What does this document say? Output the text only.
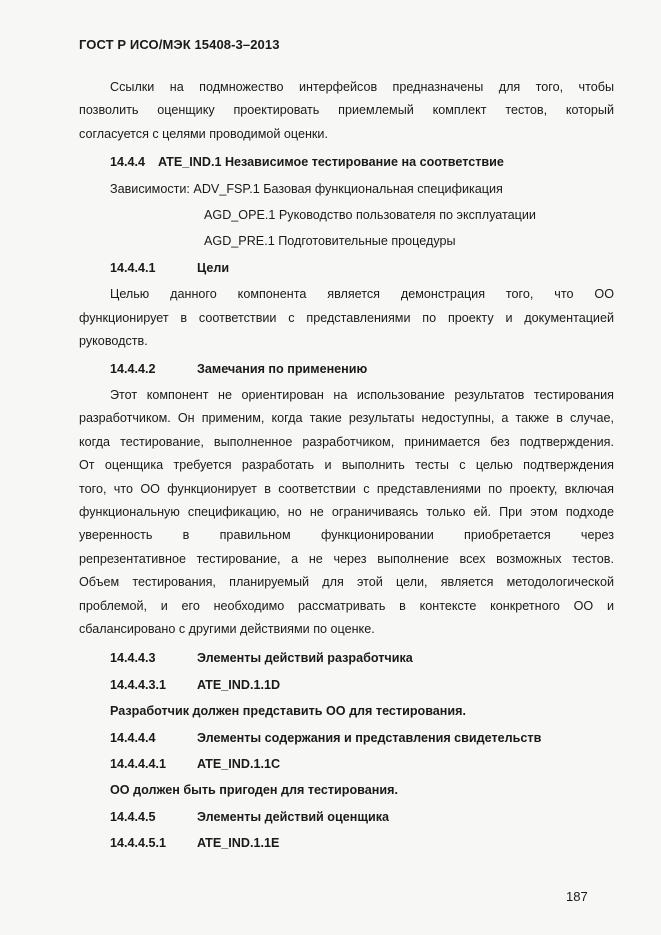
ГОСТ Р ИСО/МЭК 15408-3–2013
Ссылки на подмножество интерфейсов предназначены для того, чтобы
позволить оценщику проектировать приемлемый комплект тестов, который
согласуется с целями проводимой оценки.
14.4.4	ATE_IND.1 Независимое тестирование на соответствие
Зависимости: ADV_FSP.1 Базовая функциональная спецификация
AGD_OPE.1 Руководство пользователя по эксплуатации
AGD_PRE.1 Подготовительные процедуры
14.4.4.1	Цели
Целью данного компонента является демонстрация того, что ОО
функционирует в соответствии с представлениями по проекту и документацией
руководств.
14.4.4.2	Замечания по применению
Этот компонент не ориентирован на использование результатов тестирования
разработчиком. Он применим, когда такие результаты недоступны, а также в случае,
когда тестирование, выполненное разработчиком, принимается без подтверждения.
От оценщика требуется разработать и выполнить тесты с целью подтверждения
того, что ОО функционирует в соответствии с представлениями по проекту, включая
функциональную спецификацию, но не ограничиваясь только ей. При этом подходе
уверенность в правильном функционировании приобретается через
репрезентативное тестирование, а не через выполнение всех возможных тестов.
Объем тестирования, планируемый для этой цели, является методологической
проблемой, и его необходимо рассматривать в контексте конкретного ОО и
сбалансировано с другими действиями по оценке.
14.4.4.3	Элементы действий разработчика
14.4.4.3.1	ATE_IND.1.1D
Разработчик должен представить ОО для тестирования.
14.4.4.4	Элементы содержания и представления свидетельств
14.4.4.4.1	ATE_IND.1.1C
ОО должен быть пригоден для тестирования.
14.4.4.5	Элементы действий оценщика
14.4.4.5.1	ATE_IND.1.1E
187
